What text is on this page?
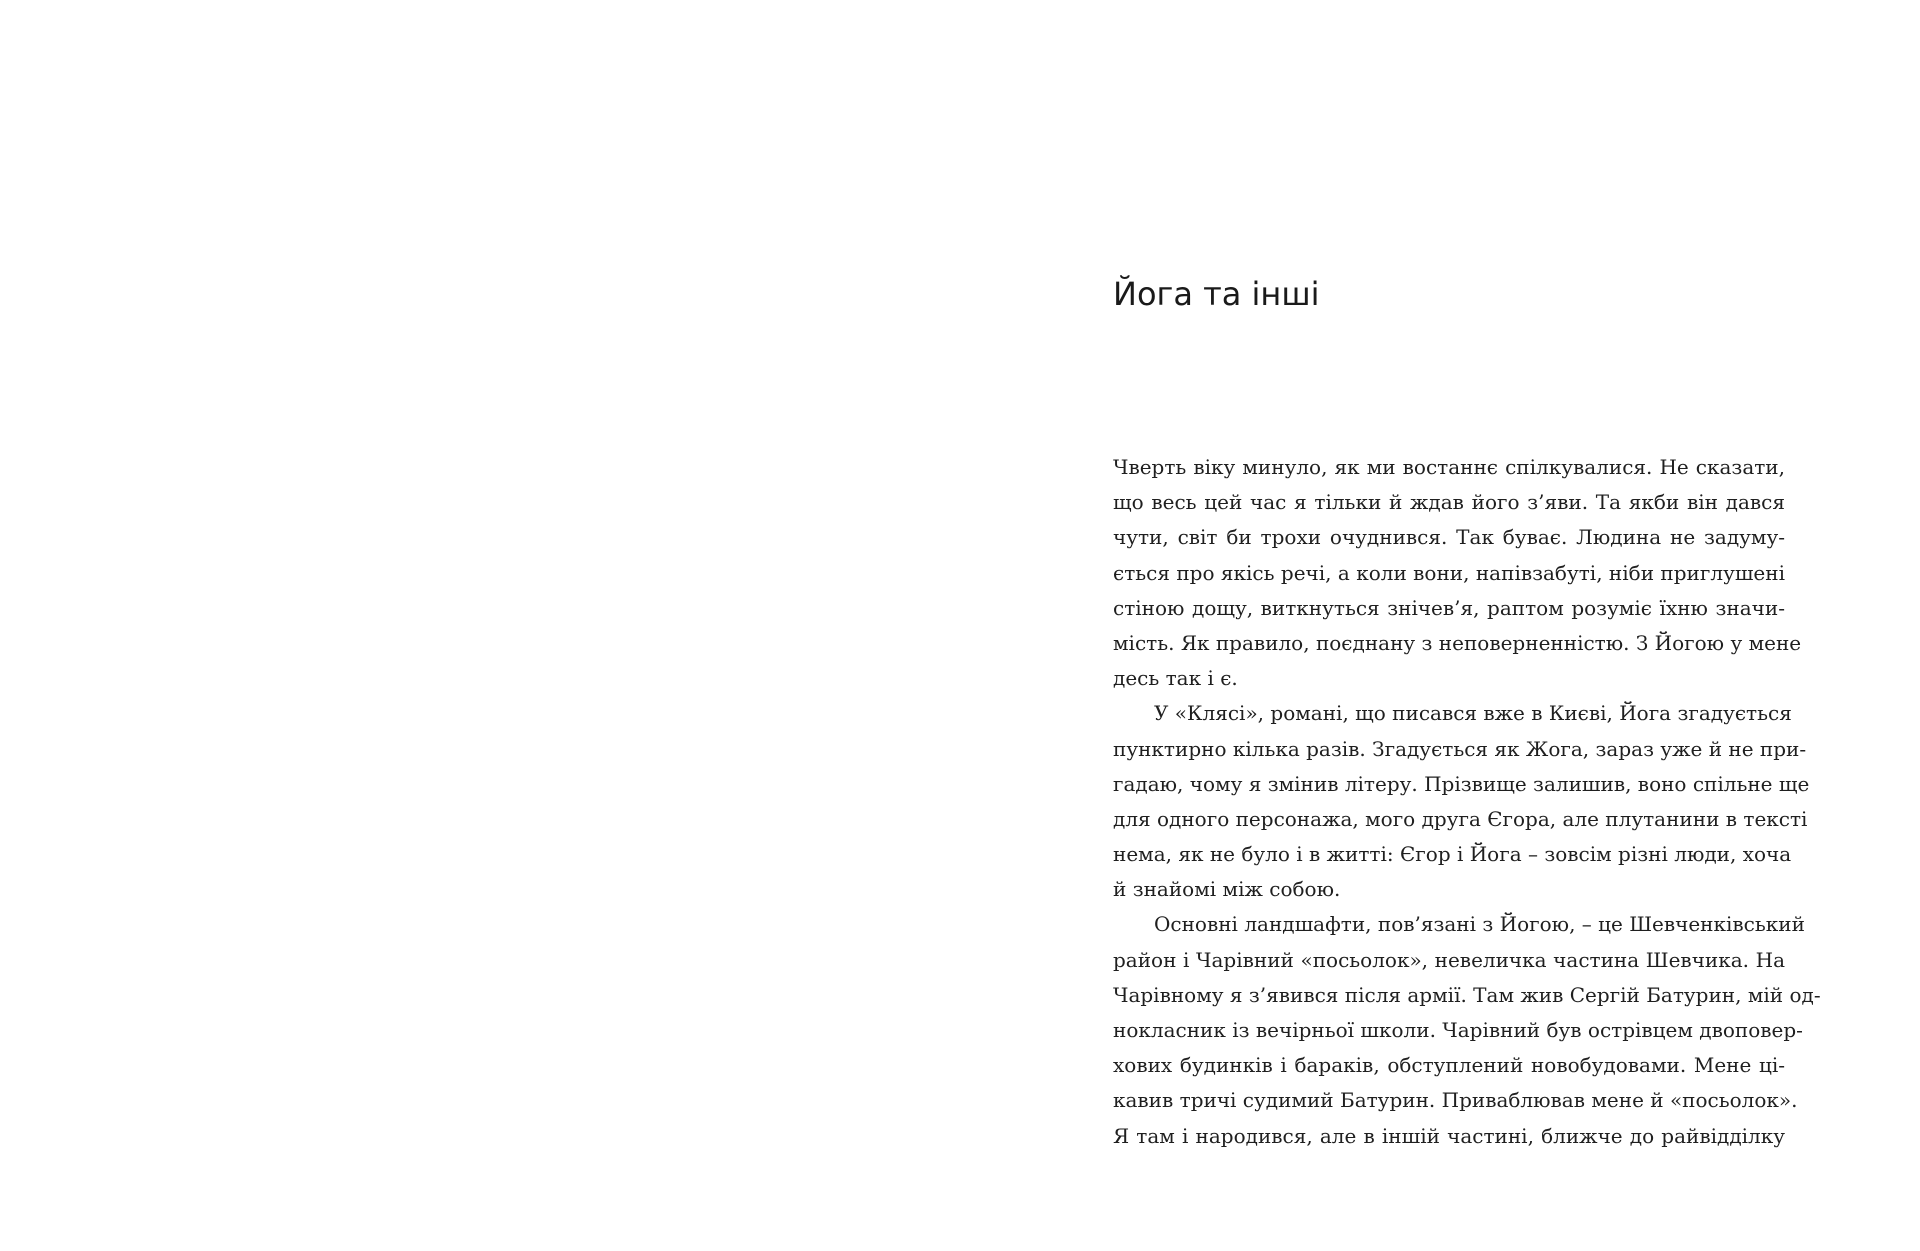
Йога та інші
Чверть віку минуло, як ми востаннє спілкувалися. Не сказати,
що весь цей час я тільки й ждав його з’яви. Та якби він дався
чути, світ би трохи очуднився. Так буває. Людина не задуму-
ється про якісь речі, а коли вони, напівзабуті, ніби приглушені
стіною дощу, виткнуться знічев’я, раптом розуміє їхню значи-
мість. Як правило, поєднану з неповерненністю. З Йогою у мене
десь так і є.
У «Клясі», романі, що писався вже в Києві, Йога згадується
пунктирно кілька разів. Згадується як Жога, зараз уже й не при-
гадаю, чому я змінив літеру. Прізвище залишив, воно спільне ще
для одного персонажа, мого друга Єгора, але плутанини в тексті
нема, як не було і в житті: Єгор і Йога – зовсім різні люди, хоча
й знайомі між собою.
Основні ландшафти, пов’язані з Йогою, – це Шевченківський
район і Чарівний «посьолок», невеличка частина Шевчика. На
Чарівному я з’явився після армії. Там жив Сергій Батурин, мій од-
нокласник із вечірньої школи. Чарівний був острівцем двоповер-
хових будинків і бараків, обступлений новобудовами. Мене ці-
кавив тричі судимий Батурин. Приваблював мене й «посьолок».
Я там і народився, але в іншій частині, ближче до райвідділку
